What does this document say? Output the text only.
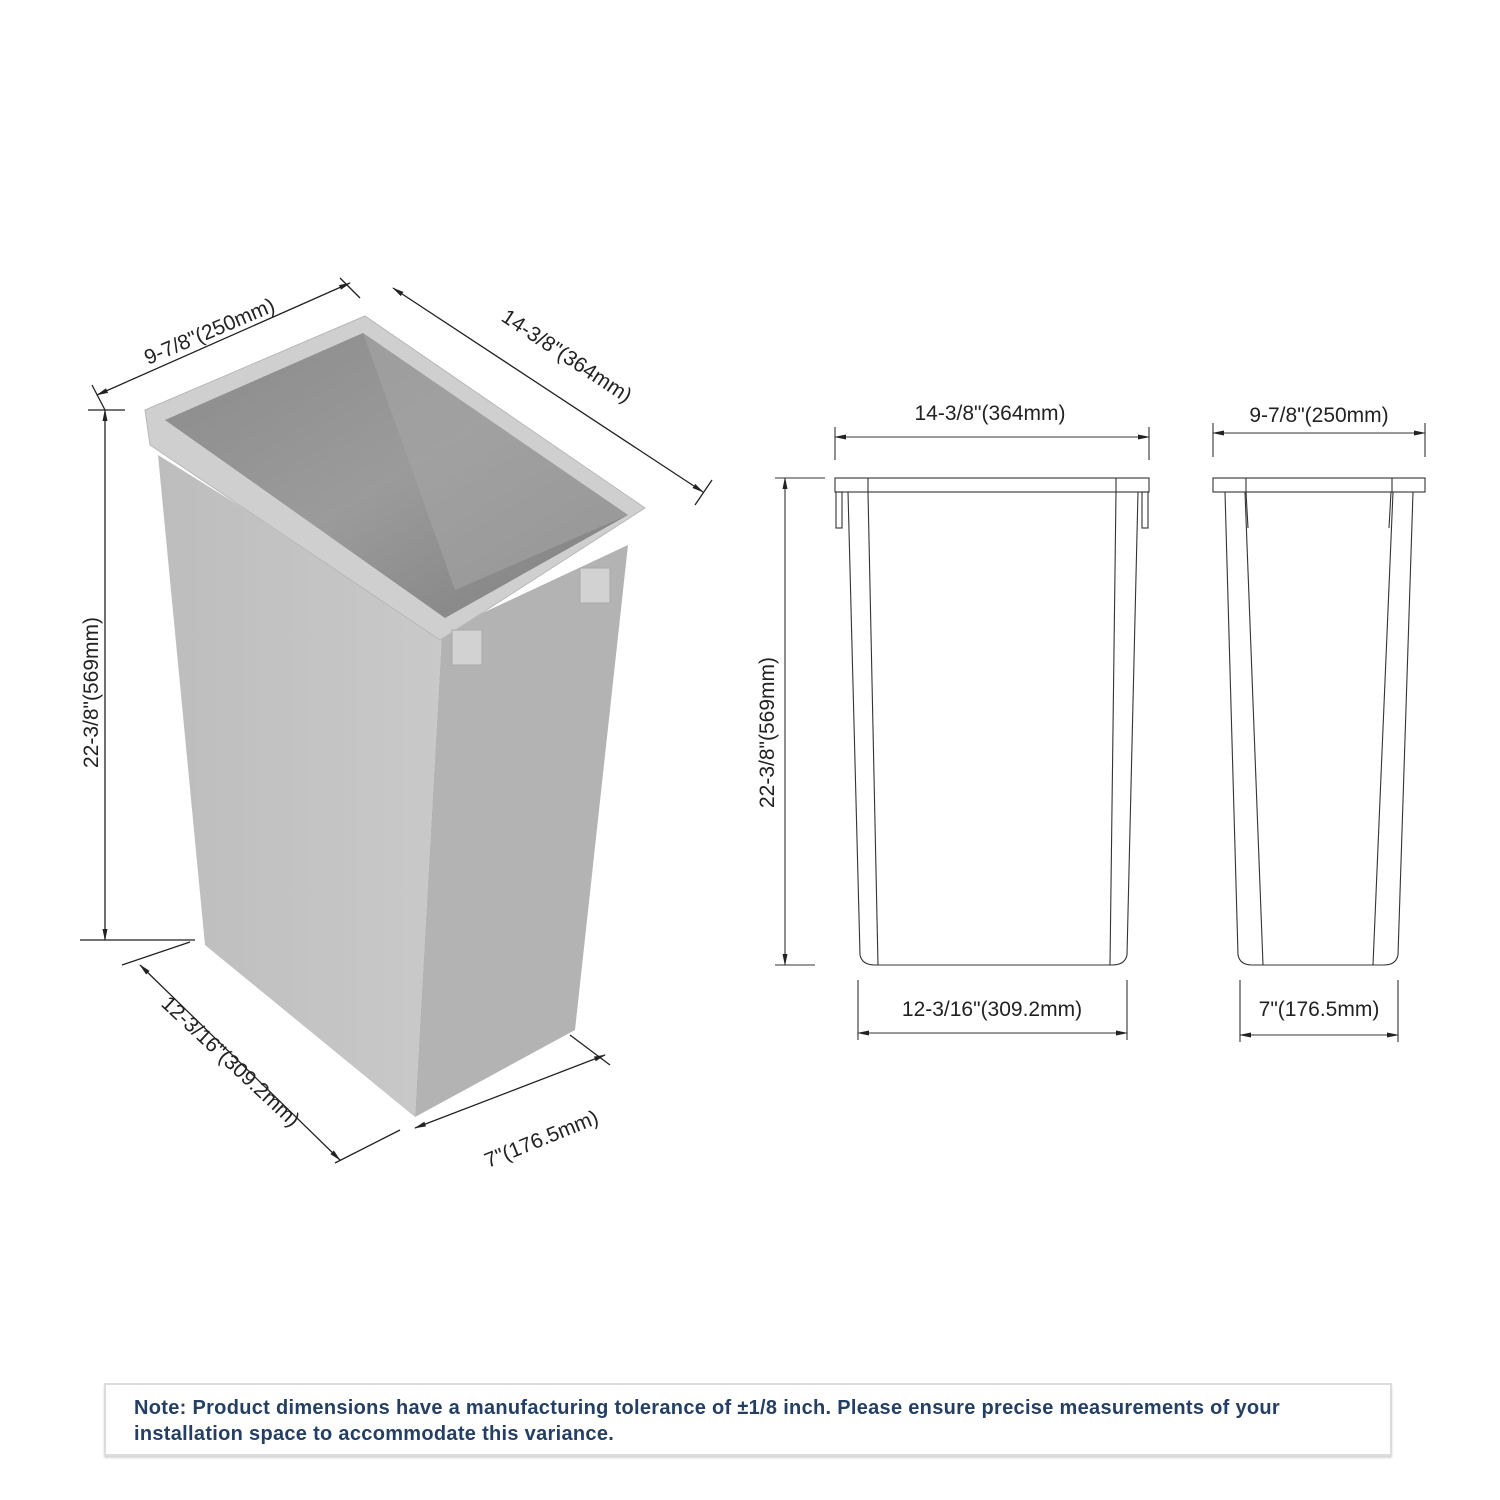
9-7/8"(250mm)	14-3/8"(364mm)
22-3/8"(569mm)
12-3/16"(309.2mm)
7"(176.5mm)
14-3/8"(364mm)
22-3/8"(569mm)
12-3/16"(309.2mm)
9-7/8"(250mm)
7"(176.5mm)

Note: Product dimensions have a manufacturing tolerance of ±1/8 inch. Please ensure precise measurements of your installation space to accommodate this variance.
